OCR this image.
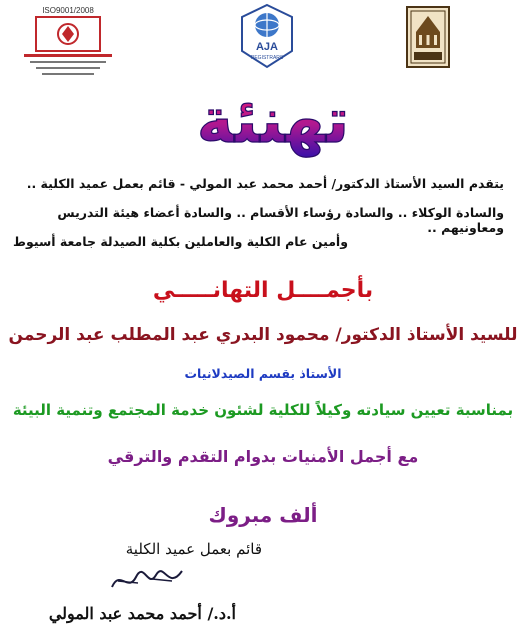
AJA
REGISTRARS
ISO9001/2008
تهنئة

يتقدم السيد الأستاذ الدكتور/ أحمد محمد عبد المولي - قائم بعمل عميد الكلية ..

والسادة الوكلاء .. والسادة رؤساء الأقسام .. والسادة أعضاء هيئة التدريس ومعاونيهم ..

وأمين عام الكلية والعاملين بكلية الصيدلة جامعة أسيوط

بأجمــــل التهانـــــي
للسيد الأستاذ الدكتور/ محمود البدري عبد المطلب عبد الرحمن
الأستاذ بقسم الصيدلانيات
بمناسبة تعيين سيادته وكيلاً للكلية لشئون خدمة المجتمع وتنمية البيئة
مع أجمل الأمنيات بدوام التقدم والترقي
ألف مبروك
قائم بعمل عميد الكلية
أ.د./ أحمد محمد عبد المولي
